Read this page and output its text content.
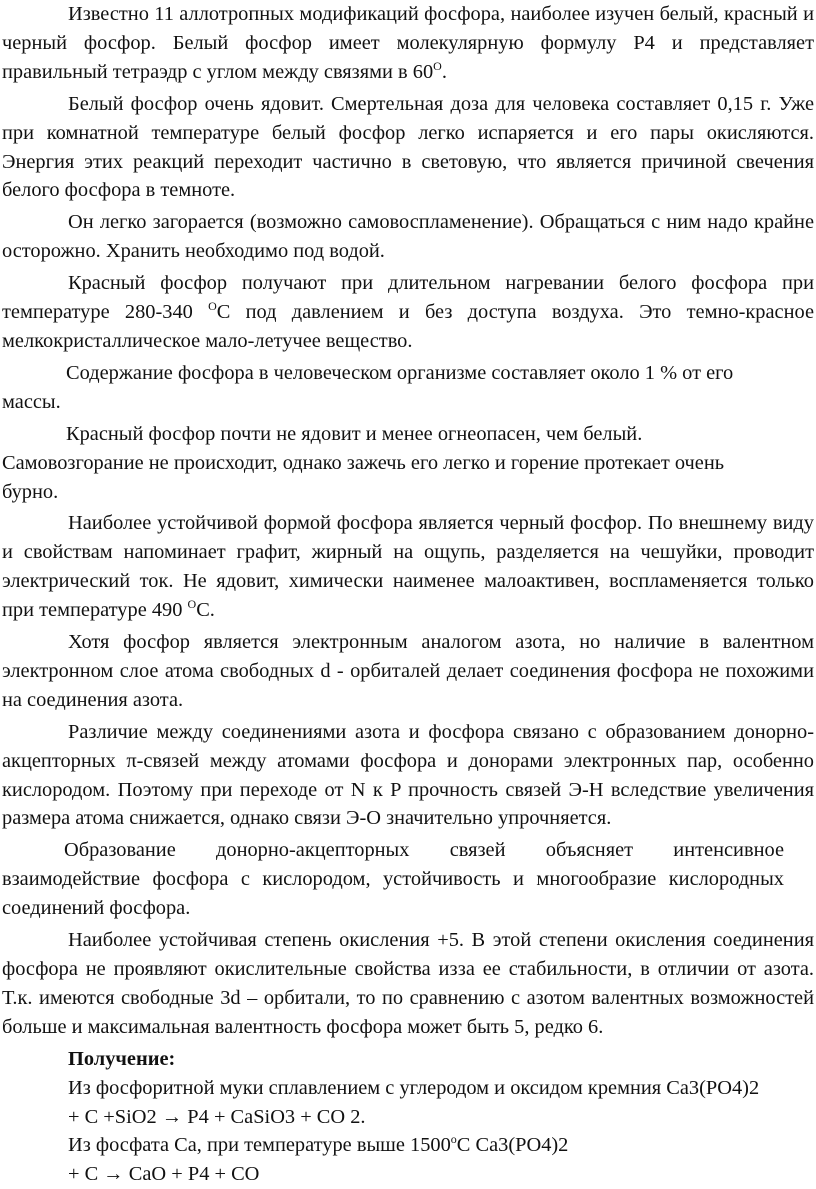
Известно 11 аллотропных модификаций фосфора, наиболее изучен белый, красный и черный фосфор. Белый фосфор имеет молекулярную формулу P4 и представляет правильный тетраэдр с углом между связями в $60^O$.

Белый фосфор очень ядовит. Смертельная доза для человека составляет 0,15 г. Уже при комнатной температуре белый фосфор легко испаряется и его пары окисляются. Энергия этих реакций переходит частично в световую, что является причиной свечения белого фосфора в темноте.

Он легко загорается (возможно самовоспламенение). Обращаться с ним надо крайне осторожно. Хранить необходимо под водой.

Красный фосфор получают при длительном нагревании белого фосфора при температуре 280-340 $^O$C под давлением и без доступа воздуха. Это темно-красное мелкокристаллическое мало-летучее вещество.

Содержание фосфора в человеческом организме составляет около 1 % от его массы.

Красный фосфор почти не ядовит и менее огнеопасен, чем белый.
Самовозгорание не происходит, однако зажечь его легко и горение протекает очень бурно.

Наиболее устойчивой формой фосфора является черный фосфор. По внешнему виду и свойствам напоминает графит, жирный на ощупь, разделяется на чешуйки, проводит электрический ток. Не ядовит, химически наименее малоактивен, воспламеняется только при температуре 490 $^O$C.

Хотя фосфор является электронным аналогом азота, но наличие в валентном электронном слое атома свободных d - орбиталей делает соединения фосфора не похожими на соединения азота.

Различие между соединениями азота и фосфора связано с образованием донорно-акцепторных π-связей между атомами фосфора и донорами электронных пар, особенно кислородом. Поэтому при переходе от N к P прочность связей Э-Н вследствие увеличения размера атома снижается, однако связи Э-О значительно упрочняется.

Образование донорно-акцепторных связей объясняет интенсивное взаимодействие фосфора с кислородом, устойчивость и многообразие кислородных соединений фосфора.

Наиболее устойчивая степень окисления +5. В этой степени окисления соединения фосфора не проявляют окислительные свойства изза ее стабильности, в отличии от азота. Т.к. имеются свободные 3d – орбитали, то по сравнению с азотом валентных возможностей больше и максимальная валентность фосфора может быть 5, редко 6.

Получение:

Из фосфоритной муки сплавлением с углеродом и оксидом кремния Ca3(PO4)2

+ C +SiO2 → P4 + CaSiO3 + CO 2.

Из фосфата Ca, при температуре выше 1500$^o$C Ca3(PO4)2

+ C → CaO + P4 + CO
